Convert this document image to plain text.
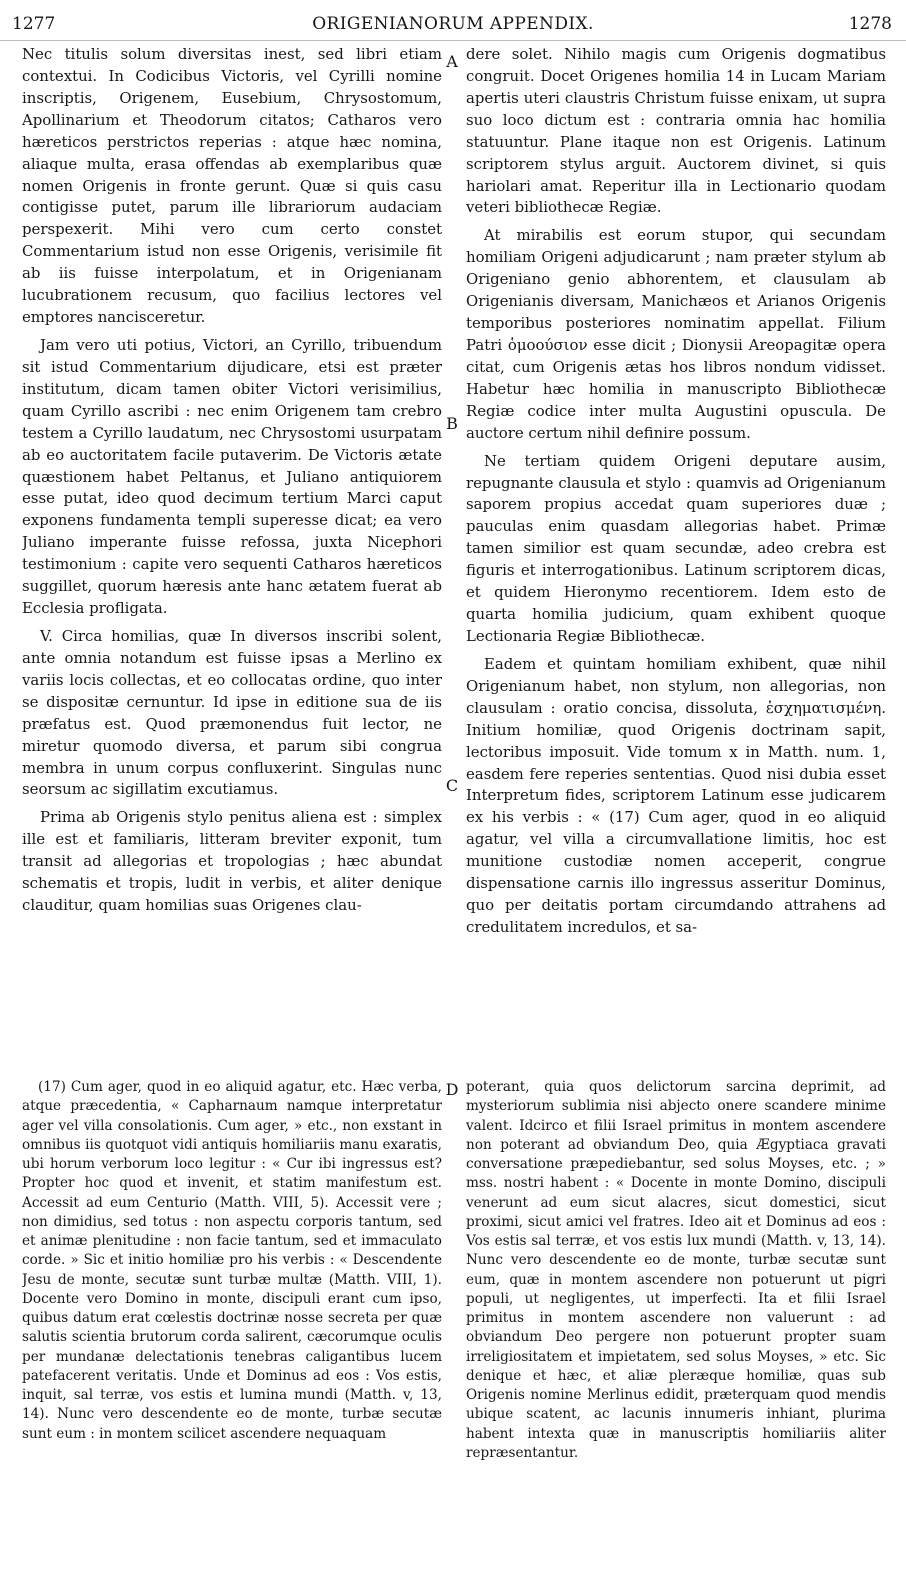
1277	ORIGENIANORUM APPENDIX.	1278
A
B
C
D

Nec titulis solum diversitas inest, sed libri etiam contextui. In Codicibus Victoris, vel Cyrilli nomine inscriptis, Origenem, Eusebium, Chrysostomum, Apollinarium et Theodorum citatos; Catharos vero hæreticos perstrictos reperias : atque hæc nomina, aliaque multa, erasa offendas ab exemplaribus quæ nomen Origenis in fronte gerunt. Quæ si quis casu contigisse putet, parum ille librariorum audaciam perspexerit. Mihi vero cum certo constet Commentarium istud non esse Origenis, verisimile fit ab iis fuisse interpolatum, et in Origenianam lucubrationem recusum, quo facilius lectores vel emptores nancisceretur.

Jam vero uti potius, Victori, an Cyrillo, tribuendum sit istud Commentarium dijudicare, etsi est præter institutum, dicam tamen obiter Victori verisimilius, quam Cyrillo ascribi : nec enim Origenem tam crebro testem a Cyrillo laudatum, nec Chrysostomi usurpatam ab eo auctoritatem facile putaverim. De Victoris ætate quæstionem habet Peltanus, et Juliano antiquiorem esse putat, ideo quod decimum tertium Marci caput exponens fundamenta templi superesse dicat; ea vero Juliano imperante fuisse refossa, juxta Nicephori testimonium : capite vero sequenti Catharos hæreticos suggillet, quorum hæresis ante hanc ætatem fuerat ab Ecclesia profligata.

V. Circa homilias, quæ In diversos inscribi solent, ante omnia notandum est fuisse ipsas a Merlino ex variis locis collectas, et eo collocatas ordine, quo inter se dispositæ cernuntur. Id ipse in editione sua de iis præfatus est. Quod præmonendus fuit lector, ne miretur quomodo diversa, et parum sibi congrua membra in unum corpus confluxerint. Singulas nunc seorsum ac sigillatim excutiamus.

Prima ab Origenis stylo penitus aliena est : simplex ille est et familiaris, litteram breviter exponit, tum transit ad allegorias et tropologias ; hæc abundat schematis et tropis, ludit in verbis, et aliter denique clauditur, quam homilias suas Origenes clau-

dere solet. Nihilo magis cum Origenis dogmatibus congruit. Docet Origenes homilia 14 in Lucam Mariam apertis uteri claustris Christum fuisse enixam, ut supra suo loco dictum est : contraria omnia hac homilia statuuntur. Plane itaque non est Origenis. Latinum scriptorem stylus arguit. Auctorem divinet, si quis hariolari amat. Reperitur illa in Lectionario quodam veteri bibliothecæ Regiæ.

At mirabilis est eorum stupor, qui secundam homiliam Origeni adjudicarunt ; nam præter stylum ab Origeniano genio abhorentem, et clausulam ab Origenianis diversam, Manichæos et Arianos Origenis temporibus posteriores nominatim appellat. Filium Patri ὁμοούσιον esse dicit ; Dionysii Areopagitæ opera citat, cum Origenis ætas hos libros nondum vidisset. Habetur hæc homilia in manuscripto Bibliothecæ Regiæ codice inter multa Augustini opuscula. De auctore certum nihil definire possum.

Ne tertiam quidem Origeni deputare ausim, repugnante clausula et stylo : quamvis ad Origenianum saporem propius accedat quam superiores duæ ; pauculas enim quasdam allegorias habet. Primæ tamen similior est quam secundæ, adeo crebra est figuris et interrogationibus. Latinum scriptorem dicas, et quidem Hieronymo recentiorem. Idem esto de quarta homilia judicium, quam exhibent quoque Lectionaria Regiæ Bibliothecæ.

Eadem et quintam homiliam exhibent, quæ nihil Origenianum habet, non stylum, non allegorias, non clausulam : oratio concisa, dissoluta, ἐσχηματισμένη. Initium homiliæ, quod Origenis doctrinam sapit, lectoribus imposuit. Vide tomum x in Matth. num. 1, easdem fere reperies sententias. Quod nisi dubia esset Interpretum fides, scriptorem Latinum esse judicarem ex his verbis : « (17) Cum ager, quod in eo aliquid agatur, vel villa a circumvallatione limitis, hoc est munitione custodiæ nomen acceperit, congrue dispensatione carnis illo ingressus asseritur Dominus, quo per deitatis portam circumdando attrahens ad credulitatem incredulos, et sa-

(17) Cum ager, quod in eo aliquid agatur, etc. Hæc verba, atque præcedentia, « Capharnaum namque interpretatur ager vel villa consolationis. Cum ager, » etc., non exstant in omnibus iis quotquot vidi antiquis homiliariis manu exaratis, ubi horum verborum loco legitur : « Cur ibi ingressus est? Propter hoc quod et invenit, et statim manifestum est. Accessit ad eum Centurio (Matth. VIII, 5). Accessit vere ; non dimidius, sed totus : non aspectu corporis tantum, sed et animæ plenitudine : non facie tantum, sed et immaculato corde. » Sic et initio homiliæ pro his verbis : « Descendente Jesu de monte, secutæ sunt turbæ multæ (Matth. VIII, 1). Docente vero Domino in monte, discipuli erant cum ipso, quibus datum erat cœlestis doctrinæ nosse secreta per quæ salutis scientia brutorum corda salirent, cæcorumque oculis per mundanæ delectationis tenebras caligantibus lucem patefacerent veritatis. Unde et Dominus ad eos : Vos estis, inquit, sal terræ, vos estis et lumina mundi (Matth. v, 13, 14). Nunc vero descendente eo de monte, turbæ secutæ sunt eum : in montem scilicet ascendere nequaquam

poterant, quia quos delictorum sarcina deprimit, ad mysteriorum sublimia nisi abjecto onere scandere minime valent. Idcirco et filii Israel primitus in montem ascendere non poterant ad obviandum Deo, quia Ægyptiaca gravati conversatione præpediebantur, sed solus Moyses, etc. ; » mss. nostri habent : « Docente in monte Domino, discipuli venerunt ad eum sicut alacres, sicut domestici, sicut proximi, sicut amici vel fratres. Ideo ait et Dominus ad eos : Vos estis sal terræ, et vos estis lux mundi (Matth. v, 13, 14). Nunc vero descendente eo de monte, turbæ secutæ sunt eum, quæ in montem ascendere non potuerunt ut pigri populi, ut negligentes, ut imperfecti. Ita et filii Israel primitus in montem ascendere non valuerunt : ad obviandum Deo pergere non potuerunt propter suam irreligiositatem et impietatem, sed solus Moyses, » etc. Sic denique et hæc, et aliæ pleræque homiliæ, quas sub Origenis nomine Merlinus edidit, præterquam quod mendis ubique scatent, ac lacunis innumeris inhiant, plurima habent intexta quæ in manuscriptis homiliariis aliter repræsentantur.
